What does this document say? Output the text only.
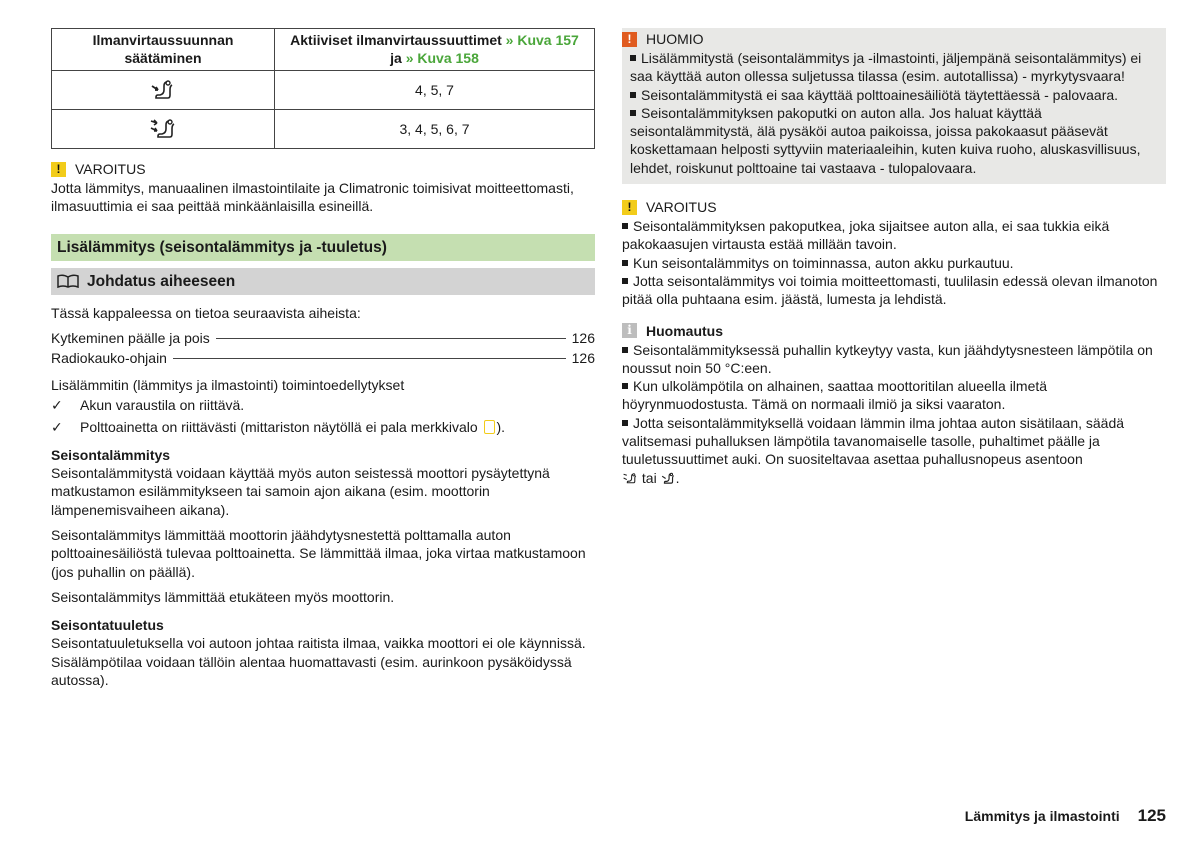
Ilmanvirtaussuunnan säätäminen	Aktiiviset ilmanvirtaussuuttimet » Kuva 157
ja » Kuva 158
	4, 5, 7
	3, 4, 5, 6, 7
!	VAROITUS

Jotta lämmitys, manuaalinen ilmastointilaite ja Climatronic toimisivat moitteettomasti, ilmasuuttimia ei saa peittää minkäänlaisilla esineillä.

Lisälämmitys (seisontalämmitys ja -tuuletus)
Johdatus aiheeseen

Tässä kappaleessa on tietoa seuraavista aiheista:

Kytkeminen päälle ja pois	126
Radiokauko-ohjain	126

Lisälämmitin (lämmitys ja ilmastointi) toimintoedellytykset

✓	Akun varaustila on riittävä.
✓	Polttoainetta on riittävästi (mittariston näytöllä ei pala merkkivalo ).
Seisontalämmitys

Seisontalämmitystä voidaan käyttää myös auton seistessä moottori pysäytettynä matkustamon esilämmitykseen tai samoin ajon aikana (esim. moottorin lämpenemisvaiheen aikana).

Seisontalämmitys lämmittää moottorin jäähdytysnestettä polttamalla auton polttoainesäiliöstä tulevaa polttoainetta. Se lämmittää ilmaa, joka virtaa matkustamoon (jos puhallin on päällä).

Seisontalämmitys lämmittää etukäteen myös moottorin.

Seisontatuuletus

Seisontatuuletuksella voi autoon johtaa raitista ilmaa, vaikka moottori ei ole käynnissä. Sisälämpötilaa voidaan tällöin alentaa huomattavasti (esim. aurinkoon pysäköidyssä autossa).

!	HUOMIO

Lisälämmitystä (seisontalämmitys ja -ilmastointi, jäljempänä seisontalämmitys) ei saa käyttää auton ollessa suljetussa tilassa (esim. autotallissa) - myrkytysvaara!

Seisontalämmitystä ei saa käyttää polttoainesäiliötä täytettäessä - palovaara.

Seisontalämmityksen pakoputki on auton alla. Jos haluat käyttää seisontalämmitystä, älä pysäköi autoa paikoissa, joissa pakokaasut pääsevät koskettamaan helposti syttyviin materiaaleihin, kuten kuiva ruoho, aluskasvillisuus, lehdet, roiskunut polttoaine tai vastaava - tulopalovaara.

!	VAROITUS

Seisontalämmityksen pakoputkea, joka sijaitsee auton alla, ei saa tukkia eikä pakokaasujen virtausta estää millään tavoin.

Kun seisontalämmitys on toiminnassa, auton akku purkautuu.

Jotta seisontalämmitys voi toimia moitteettomasti, tuulilasin edessä olevan ilmanoton pitää olla puhtaana esim. jäästä, lumesta ja lehdistä.

i	Huomautus

Seisontalämmityksessä puhallin kytkeytyy vasta, kun jäähdytysnesteen lämpötila on noussut noin 50 °C:een.

Kun ulkolämpötila on alhainen, saattaa moottoritilan alueella ilmetä höyrynmuodostusta. Tämä on normaali ilmiö ja siksi vaaraton.

Jotta seisontalämmityksellä voidaan lämmin ilma johtaa auton sisätilaan, säädä valitsemasi puhalluksen lämpötila tavanomaiselle tasolle, puhaltimet päälle ja tuuletussuuttimet auki. On suositeltavaa asettaa puhallusnopeus asentoon
tai .

Lämmitys ja ilmastointi 125
